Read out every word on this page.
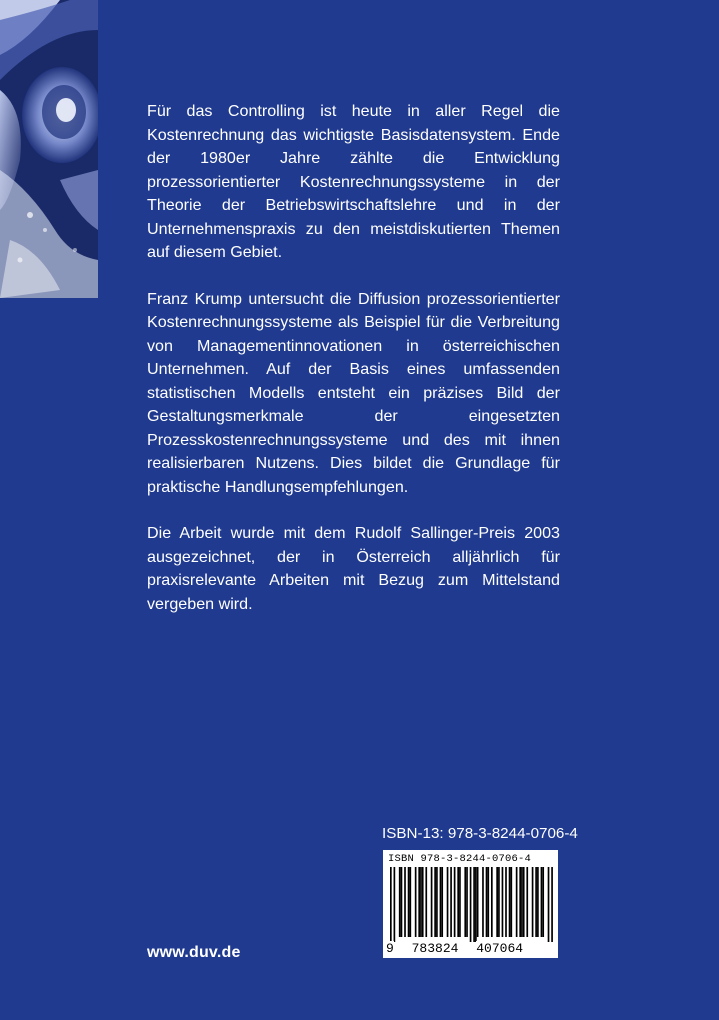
Für das Controlling ist heute in aller Regel die Kostenrechnung das wichtigste Basisdatensystem. Ende der 1980er Jahre zählte die Entwicklung prozessorientierter Kostenrechnungssysteme in der Theorie der Betriebswirtschaftslehre und in der Unternehmenspraxis zu den meistdiskutierten Themen auf diesem Gebiet.

Franz Krump untersucht die Diffusion prozessorientierter Kostenrechnungssysteme als Beispiel für die Verbreitung von Managementinnovationen in österreichischen Unternehmen. Auf der Basis eines umfassenden statistischen Modells entsteht ein präzises Bild der Gestaltungsmerkmale der eingesetzten Prozesskostenrechnungssysteme und des mit ihnen realisierbaren Nutzens. Dies bildet die Grundlage für praktische Handlungsempfehlungen.

Die Arbeit wurde mit dem Rudolf Sallinger-Preis 2003 ausgezeichnet, der in Österreich alljährlich für praxisrelevante Arbeiten mit Bezug zum Mittelstand vergeben wird.

ISBN-13: 978-3-8244-0706-4
ISBN 978-3-8244-0706-4
9 783824 407064
www.duv.de
